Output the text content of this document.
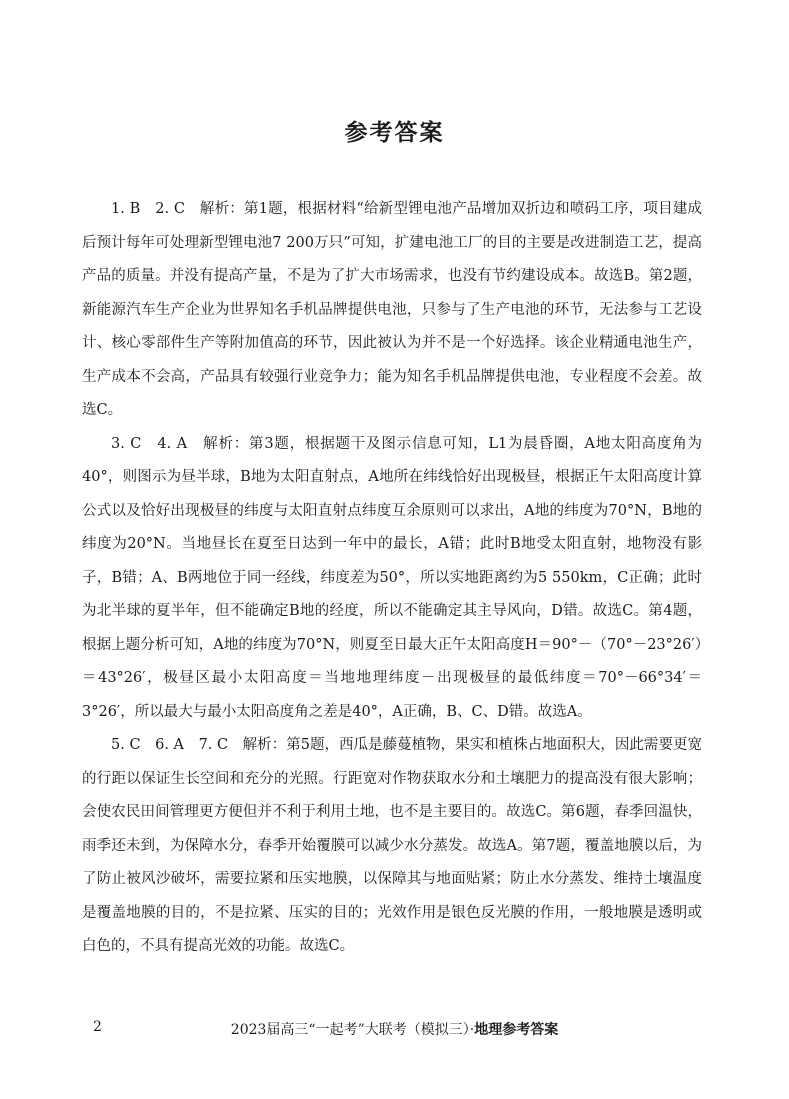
参考答案

1. B　2. C　解析：第1题，根据材料“给新型锂电池产品增加双折边和喷码工序，项目建成后预计每年可处理新型锂电池7 200万只”可知，扩建电池工厂的目的主要是改进制造工艺，提高产品的质量。并没有提高产量，不是为了扩大市场需求，也没有节约建设成本。故选B。第2题，新能源汽车生产企业为世界知名手机品牌提供电池，只参与了生产电池的环节，无法参与工艺设计、核心零部件生产等附加值高的环节，因此被认为并不是一个好选择。该企业精通电池生产，生产成本不会高，产品具有较强行业竞争力；能为知名手机品牌提供电池，专业程度不会差。故选C。

3. C　4. A　解析：第3题，根据题干及图示信息可知，L1为晨昏圈，A地太阳高度角为40°，则图示为昼半球，B地为太阳直射点，A地所在纬线恰好出现极昼，根据正午太阳高度计算公式以及恰好出现极昼的纬度与太阳直射点纬度互余原则可以求出，A地的纬度为70°N，B地的纬度为20°N。当地昼长在夏至日达到一年中的最长，A错；此时B地受太阳直射，地物没有影子，B错；A、B两地位于同一经线，纬度差为50°，所以实地距离约为5 550km，C正确；此时为北半球的夏半年，但不能确定B地的经度，所以不能确定其主导风向，D错。故选C。第4题，根据上题分析可知，A地的纬度为70°N，则夏至日最大正午太阳高度H＝90°－（70°－23°26′）＝43°26′，极昼区最小太阳高度＝当地地理纬度－出现极昼的最低纬度＝70°－66°34′＝3°26′，所以最大与最小太阳高度角之差是40°，A正确，B、C、D错。故选A。

5. C　6. A　7. C　解析：第5题，西瓜是藤蔓植物，果实和植株占地面积大，因此需要更宽的行距以保证生长空间和充分的光照。行距宽对作物获取水分和土壤肥力的提高没有很大影响；会使农民田间管理更方便但并不利于利用土地，也不是主要目的。故选C。第6题，春季回温快，雨季还未到，为保障水分，春季开始覆膜可以减少水分蒸发。故选A。第7题，覆盖地膜以后，为了防止被风沙破坏，需要拉紧和压实地膜，以保障其与地面贴紧；防止水分蒸发、维持土壤温度是覆盖地膜的目的，不是拉紧、压实的目的；光效作用是银色反光膜的作用，一般地膜是透明或白色的，不具有提高光效的功能。故选C。

2	2023届高三“一起考”大联考（模拟三）·地理参考答案
